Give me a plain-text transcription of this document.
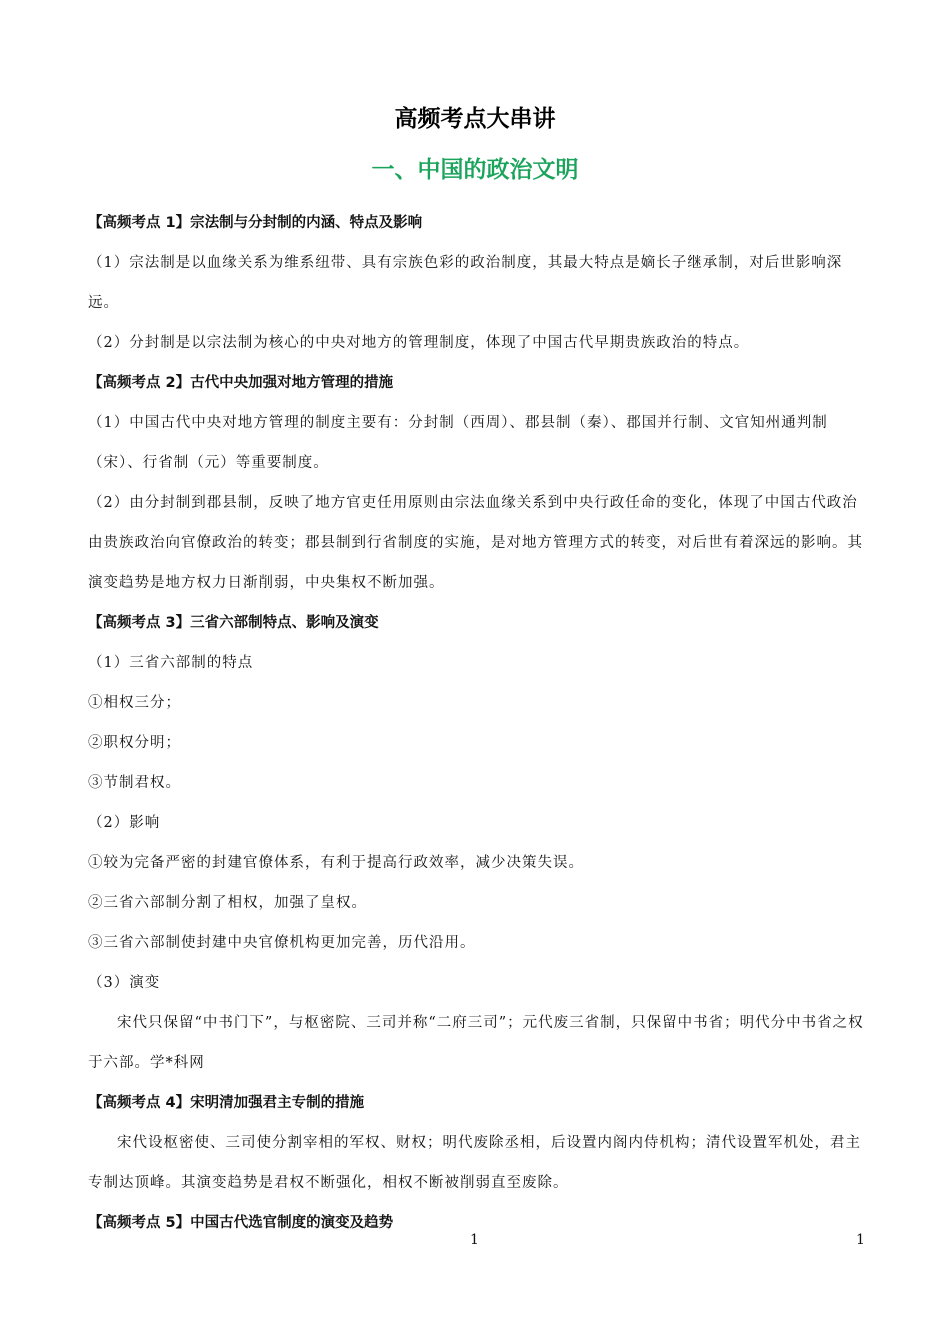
高频考点大串讲
一、中国的政治文明

【高频考点 1】宗法制与分封制的内涵、特点及影响

（1）宗法制是以血缘关系为维系纽带、具有宗族色彩的政治制度，其最大特点是嫡长子继承制，对后世影响深远。

（2）分封制是以宗法制为核心的中央对地方的管理制度，体现了中国古代早期贵族政治的特点。

【高频考点 2】古代中央加强对地方管理的措施

（1）中国古代中央对地方管理的制度主要有：分封制（西周）、郡县制（秦）、郡国并行制、文官知州通判制（宋）、行省制（元）等重要制度。

（2）由分封制到郡县制，反映了地方官吏任用原则由宗法血缘关系到中央行政任命的变化，体现了中国古代政治由贵族政治向官僚政治的转变；郡县制到行省制度的实施，是对地方管理方式的转变，对后世有着深远的影响。其演变趋势是地方权力日渐削弱，中央集权不断加强。

【高频考点 3】三省六部制特点、影响及演变

（1）三省六部制的特点

①相权三分；

②职权分明；

③节制君权。

（2）影响

①较为完备严密的封建官僚体系，有利于提高行政效率，减少决策失误。

②三省六部制分割了相权，加强了皇权。

③三省六部制使封建中央官僚机构更加完善，历代沿用。

（3）演变

宋代只保留“中书门下”，与枢密院、三司并称“二府三司”；元代废三省制，只保留中书省；明代分中书省之权于六部。学*科网

【高频考点 4】宋明清加强君主专制的措施

宋代设枢密使、三司使分割宰相的军权、财权；明代废除丞相，后设置内阁内侍机构；清代设置军机处，君主专制达顶峰。其演变趋势是君权不断强化，相权不断被削弱直至废除。

【高频考点 5】中国古代选官制度的演变及趋势

1	1
